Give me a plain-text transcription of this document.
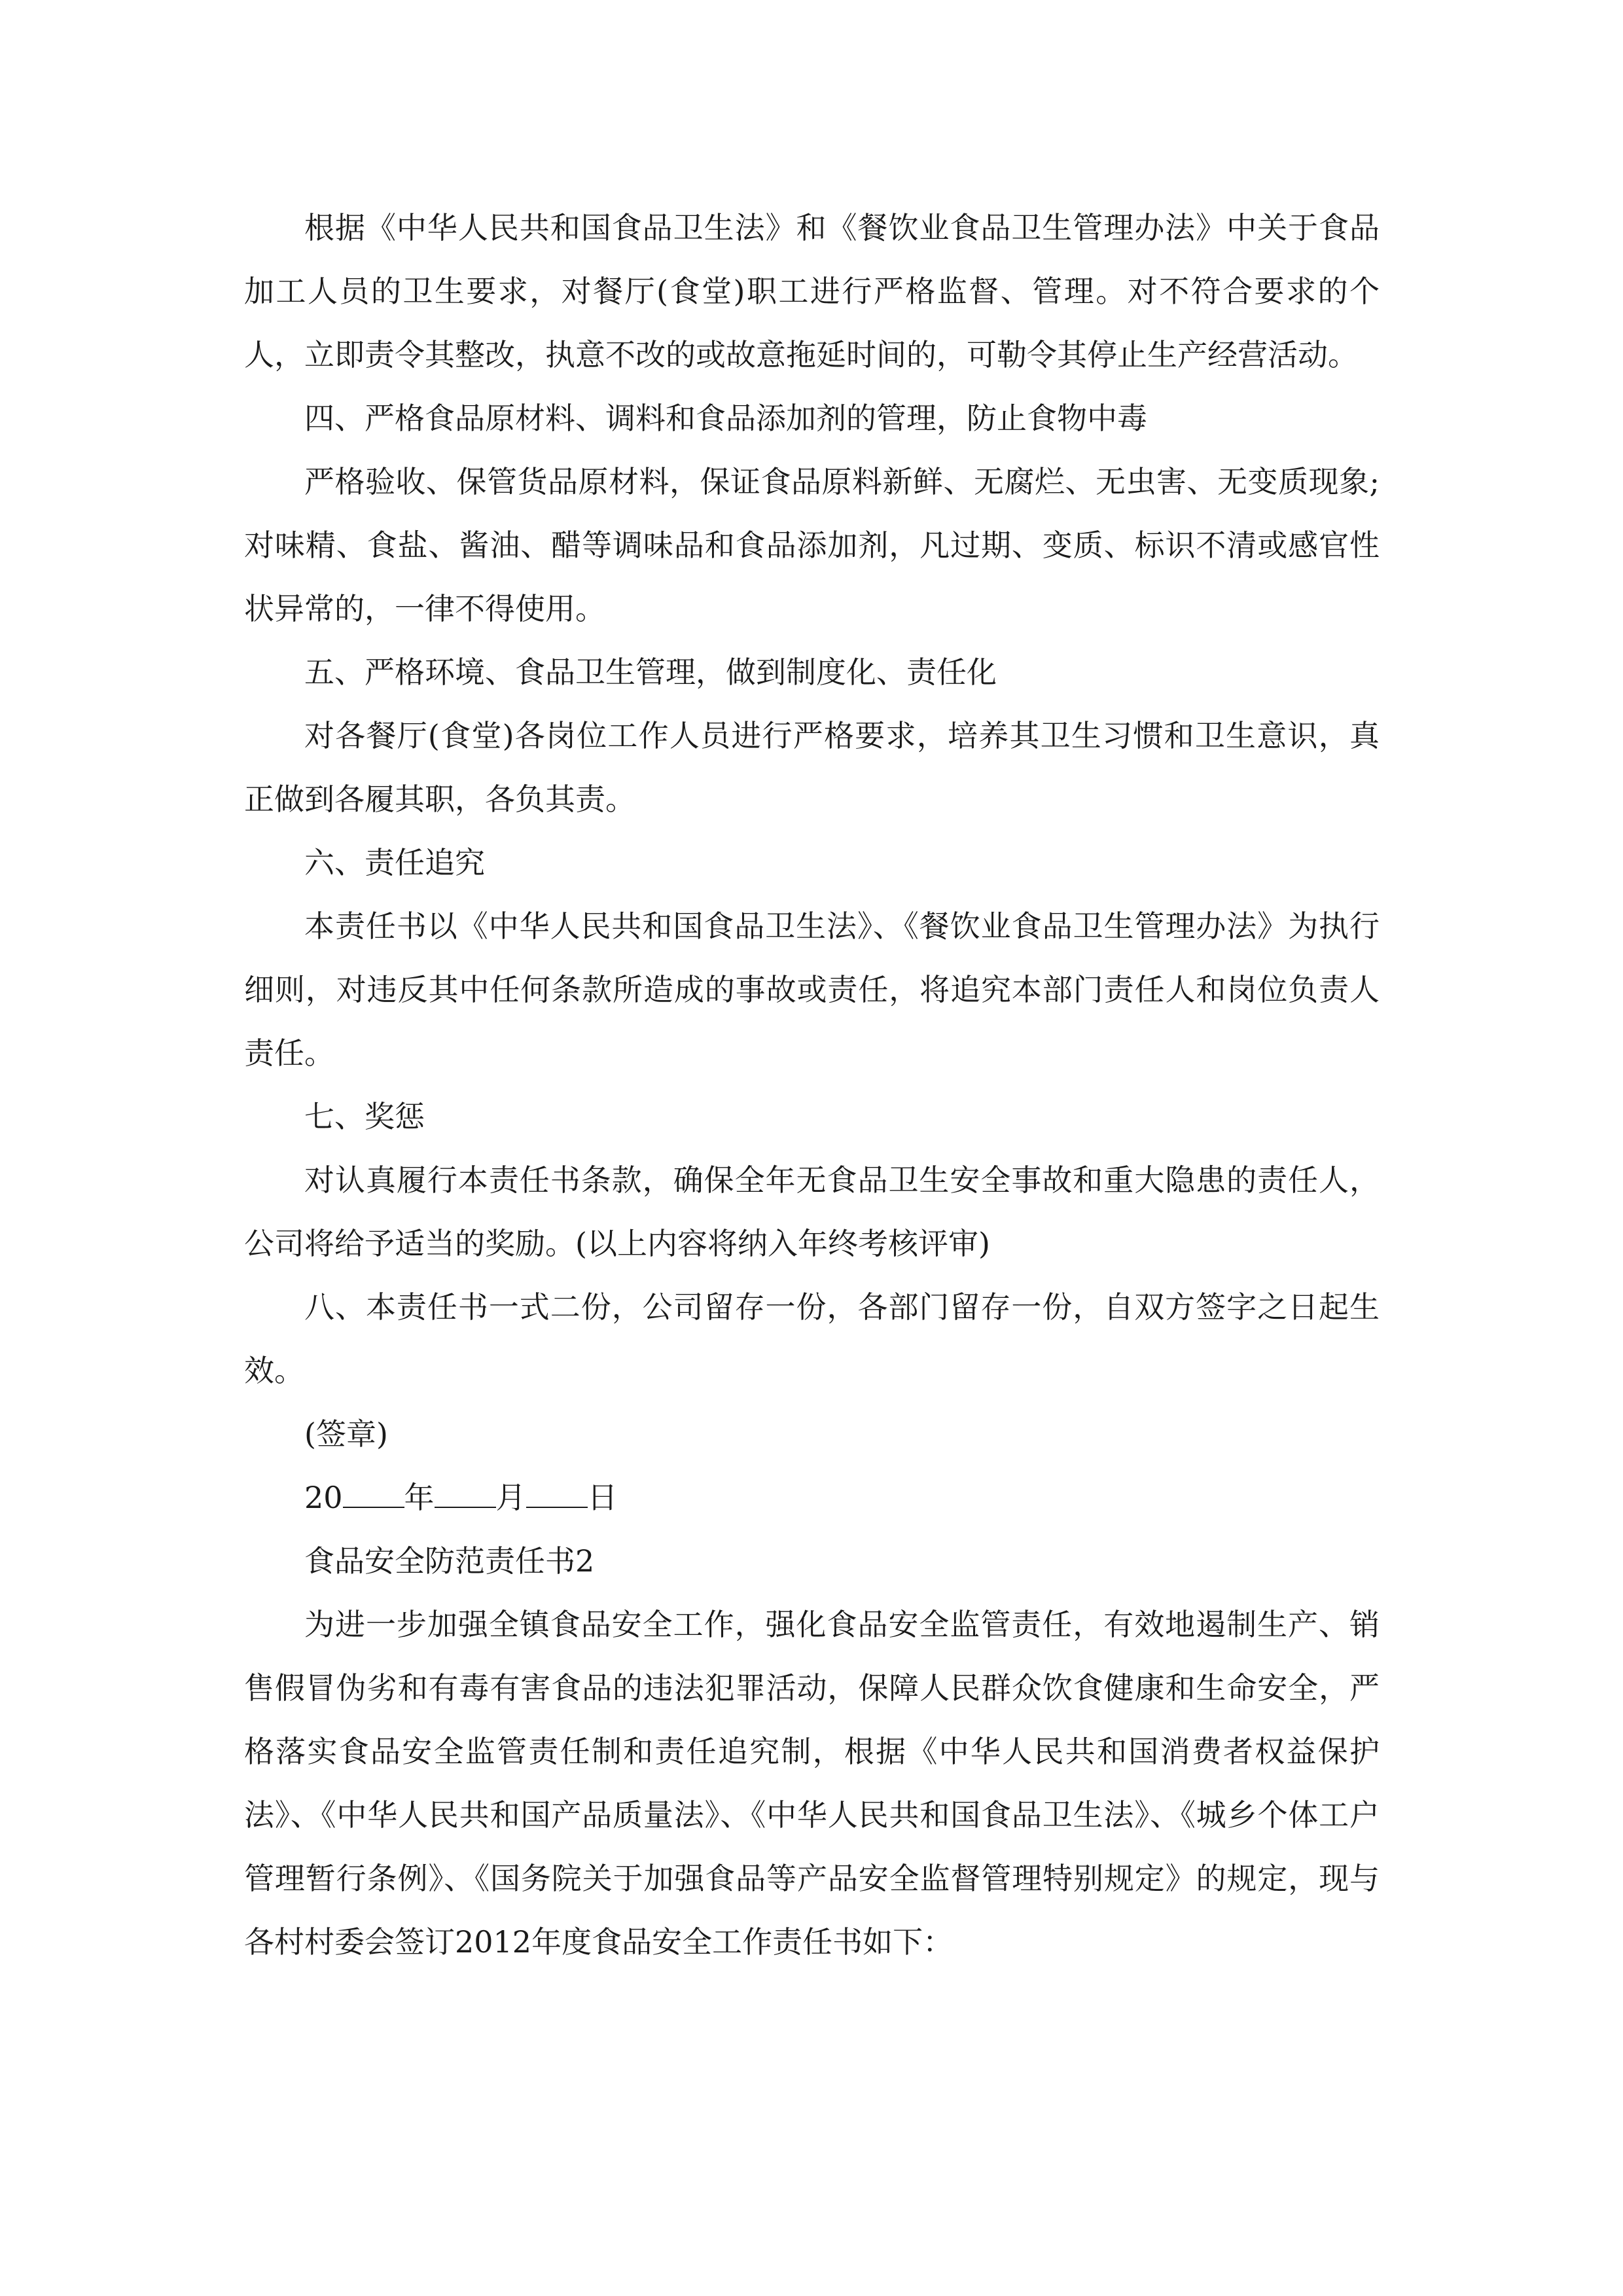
根据《中华人民共和国食品卫生法》和《餐饮业食品卫生管理办法》中关于食品加工人员的卫生要求，对餐厅(食堂)职工进行严格监督、管理。对不符合要求的个人，立即责令其整改，执意不改的或故意拖延时间的，可勒令其停止生产经营活动。

四、严格食品原材料、调料和食品添加剂的管理，防止食物中毒

严格验收、保管货品原材料，保证食品原料新鲜、无腐烂、无虫害、无变质现象;对味精、食盐、酱油、醋等调味品和食品添加剂，凡过期、变质、标识不清或感官性状异常的，一律不得使用。

五、严格环境、食品卫生管理，做到制度化、责任化

对各餐厅(食堂)各岗位工作人员进行严格要求，培养其卫生习惯和卫生意识，真正做到各履其职，各负其责。

六、责任追究

本责任书以《中华人民共和国食品卫生法》、《餐饮业食品卫生管理办法》为执行细则，对违反其中任何条款所造成的事故或责任，将追究本部门责任人和岗位负责人责任。

七、奖惩

对认真履行本责任书条款，确保全年无食品卫生安全事故和重大隐患的责任人，公司将给予适当的奖励。(以上内容将纳入年终考核评审)

八、本责任书一式二份，公司留存一份，各部门留存一份，自双方签字之日起生效。

(签章)

20 年 月 日

食品安全防范责任书2

为进一步加强全镇食品安全工作，强化食品安全监管责任，有效地遏制生产、销售假冒伪劣和有毒有害食品的违法犯罪活动，保障人民群众饮食健康和生命安全，严格落实食品安全监管责任制和责任追究制，根据《中华人民共和国消费者权益保护法》、《中华人民共和国产品质量法》、《中华人民共和国食品卫生法》、《城乡个体工户管理暂行条例》、《国务院关于加强食品等产品安全监督管理特别规定》的规定，现与各村村委会签订2012年度食品安全工作责任书如下：
